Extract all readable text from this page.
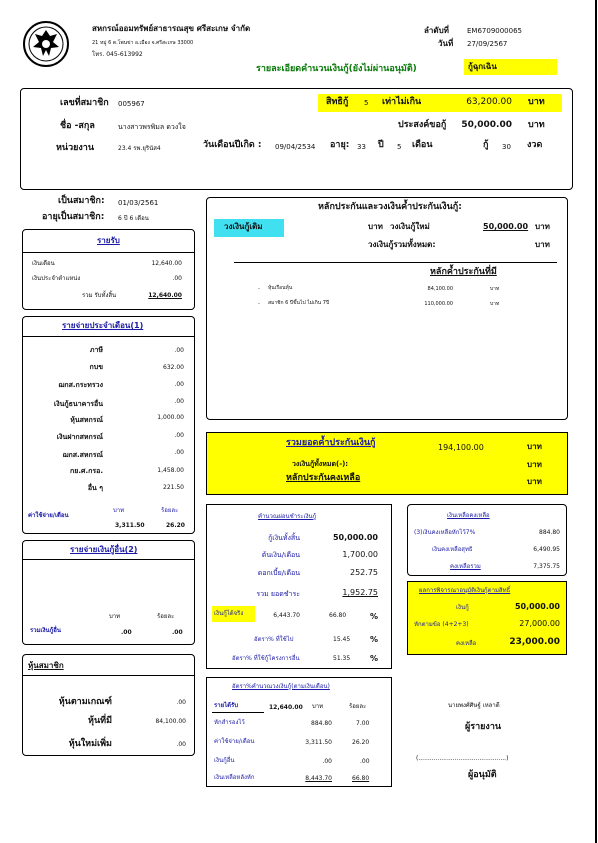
สหกรณ์ออมทรัพย์สาธารณสุข ศรีสะเกษ จำกัด
21 หมู่ 6 ต.โพนข่า อ.เมือง จ.ศรีสะเกษ 33000
โทร. 045-613992
ลำดับที่	EM6709000065
วันที่ 27/09/2567
รายละเอียดคำนวนเงินกู้(ยังไม่ผ่านอนุมัติ)	กู้ฉุกเฉิน
เลขที่สมาชิก 005967
ชื่อ -สกุล	นางสาวพรพิมล ดวงใจ
หน่วยงาน	23.4 รพ.ยุรินัส4
สิทธิกู้ 5 เท่าไม่เกิน	63,200.00 บาท
ประสงค์ขอกู้	50,000.00 บาท
วันเดือนปีเกิด : 09/04/2534 อายุ: 33 ปี 5 เดือน	กู้ 30 งวด
เป็นสมาชิก: 01/03/2561
อายุเป็นสมาชิก: 6 ปี 6 เดือน
รายรับ
เงินเดือน	12,640.00
เงินประจำตำแหน่ง	.00
รวม รับทั้งสิ้น	12,640.00
รายจ่ายประจำเดือน(1)
ภาษี	.00
กบข	632.00
ฌกส.กระทรวง	.00
เงินกู้ธนาคารอื่น	.00
หุ้นสหกรณ์	1,000.00
เงินฝากสหกรณ์	.00
ฌกส.สหกรณ์	.00
กย.ศ.กรอ.	1,458.00
อื่น ๆ	221.50
บาท	ร้อยละ
ค่าใช้จ่าย/เดือน
3,311.50	26.20
รายจ่ายเงินกู้อื่น(2)
บาท	ร้อยละ
รวมเงินกู้อื่น	.00	.00
หุ้นสมาชิก
หุ้นตามเกณฑ์	.00
หุ้นที่มี	84,100.00
หุ้นใหม่เพิ่ม	.00
หลักประกันและวงเงินค้ำประกันเงินกู้:
วงเงินกู้เดิม	บาท วงเงินกู้ใหม่	50,000.00 บาท
วงเงินกู้รวมทั้งหมด:	บาท
หลักค้ำประกันที่มี
- หุ้นเรือนหุ้น	84,100.00	บาท
- สมาชิก 6 ปีขึ้นไป ไม่เกิน 7ปี	110,000.00	บาท
รวมยอดค้ำประกันเงินกู้	194,100.00	บาท
วงเงินกู้ทั้งหมด(-):	บาท
หลักประกันคงเหลือ	บาท
คำนวณผ่อนชำระเงินกู้
กู้เงินทั้งสิ้น	50,000.00
ต้นเงิน/เดือน	1,700.00
ดอกเบี้ย/เดือน	252.75
รวม ยอดชำระ	1,952.75
เงินกู้ได้จริง	6,443.70	66.80	%
อัตรา% ที่ใช้ไป	15.45 %
อัตรา% ที่ใช้กู้โครงการอื่น	51.35 %
อัตรา%คำนวณวงเงินกู้(ตามเงินเดือน)
รายได้รับ	12,640.00 บาท	ร้อยละ
หักสำรองไว้	884.80	7.00
ค่าใช้จ่าย/เดือน	3,311.50	26.20
เงินกู้อื่น	.00	.00
เงินเหลือหลังหัก	8,443.70	66.80
เงินเหลือคงเหลือ
(3)เงินคงเหลือหักไว้7%	884.80
เงินคงเหลือสุทธิ	6,490.95
คงเหลือรวม	7,375.75
ผลการพิจารณาอนุมัติเงินกู้ตามสิทธิ์
เงินกู้	50,000.00
หักตามข้อ (4+2+3)	27,000.00
คงเหลือ	23,000.00
นายพงศ์ศิษฐ์ เหลาดี
ผู้รายงาน
(..............................................)
ผู้อนุมัติ
